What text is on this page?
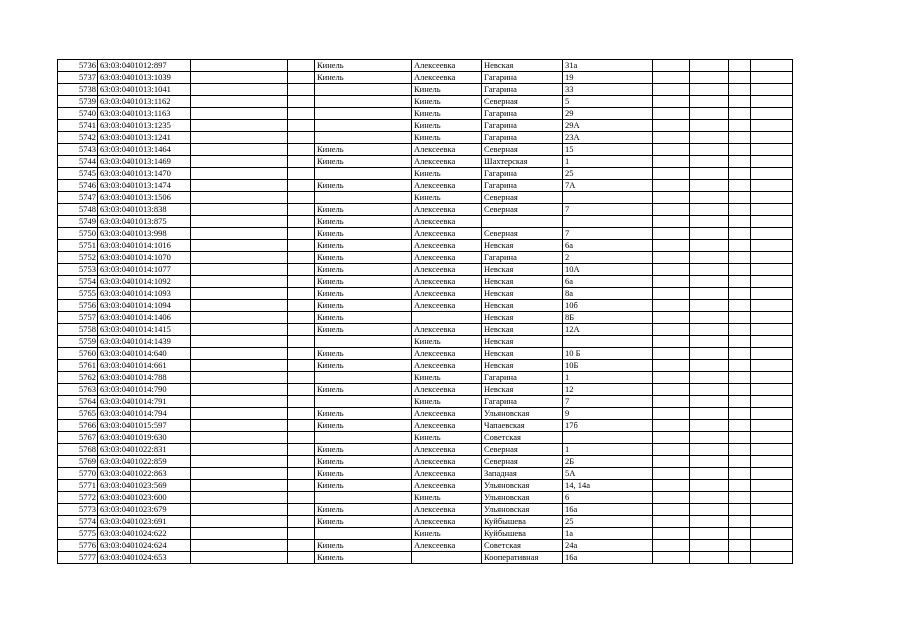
5736	63:03:0401012:897			Кинель	Алексеевка	Невская	31а				
5737	63:03:0401013:1039			Кинель	Алексеевка	Гагарина	19				
5738	63:03:0401013:1041				Кинель	Гагарина	33				
5739	63:03:0401013:1162				Кинель	Северная	5				
5740	63:03:0401013:1163				Кинель	Гагарина	29				
5741	63:03:0401013:1235				Кинель	Гагарина	29А				
5742	63:03:0401013:1241				Кинель	Гагарина	23А				
5743	63:03:0401013:1464			Кинель	Алексеевка	Северная	15				
5744	63:03:0401013:1469			Кинель	Алексеевка	Шахтерская	1				
5745	63:03:0401013:1470				Кинель	Гагарина	25				
5746	63:03:0401013:1474			Кинель	Алексеевка	Гагарина	7А				
5747	63:03:0401013:1506				Кинель	Северная					
5748	63:03:0401013:838			Кинель	Алексеевка	Северная	7				
5749	63:03:0401013:875			Кинель	Алексеевка						
5750	63:03:0401013:998			Кинель	Алексеевка	Северная	7				
5751	63:03:0401014:1016			Кинель	Алексеевка	Невская	6а				
5752	63:03:0401014:1070			Кинель	Алексеевка	Гагарина	2				
5753	63:03:0401014:1077			Кинель	Алексеевка	Невская	10А				
5754	63:03:0401014:1092			Кинель	Алексеевка	Невская	6а				
5755	63:03:0401014:1093			Кинель	Алексеевка	Невская	8а				
5756	63:03:0401014:1094			Кинель	Алексеевка	Невская	10б				
5757	63:03:0401014:1406			Кинель		Невская	8Б				
5758	63:03:0401014:1415			Кинель	Алексеевка	Невская	12А				
5759	63:03:0401014:1439				Кинель	Невская					
5760	63:03:0401014:640			Кинель	Алексеевка	Невская	10 Б				
5761	63:03:0401014:661			Кинель	Алексеевка	Невская	10Б				
5762	63:03:0401014:788				Кинель	Гагарина	1				
5763	63:03:0401014:790			Кинель	Алексеевка	Невская	12				
5764	63:03:0401014:791				Кинель	Гагарина	7				
5765	63:03:0401014:794			Кинель	Алексеевка	Ульяновская	9				
5766	63:03:0401015:597			Кинель	Алексеевка	Чапаевская	17б				
5767	63:03:0401019:630				Кинель	Советская					
5768	63:03:0401022:831			Кинель	Алексеевка	Северная	1				
5769	63:03:0401022:859			Кинель	Алексеевка	Северная	2Б				
5770	63:03:0401022:863			Кинель	Алексеевка	Западная	5А				
5771	63:03:0401023:569			Кинель	Алексеевка	Ульяновская	14, 14а				
5772	63:03:0401023:600				Кинель	Ульяновская	6				
5773	63:03:0401023:679			Кинель	Алексеевка	Ульяновская	16а				
5774	63:03:0401023:691			Кинель	Алексеевка	Куйбышева	25				
5775	63:03:0401024:622				Кинель	Куйбышева	1а				
5776	63:03:0401024:624			Кинель	Алексеевка	Советская	24а				
5777	63:03:0401024:653			Кинель		Кооперативная	16а				
